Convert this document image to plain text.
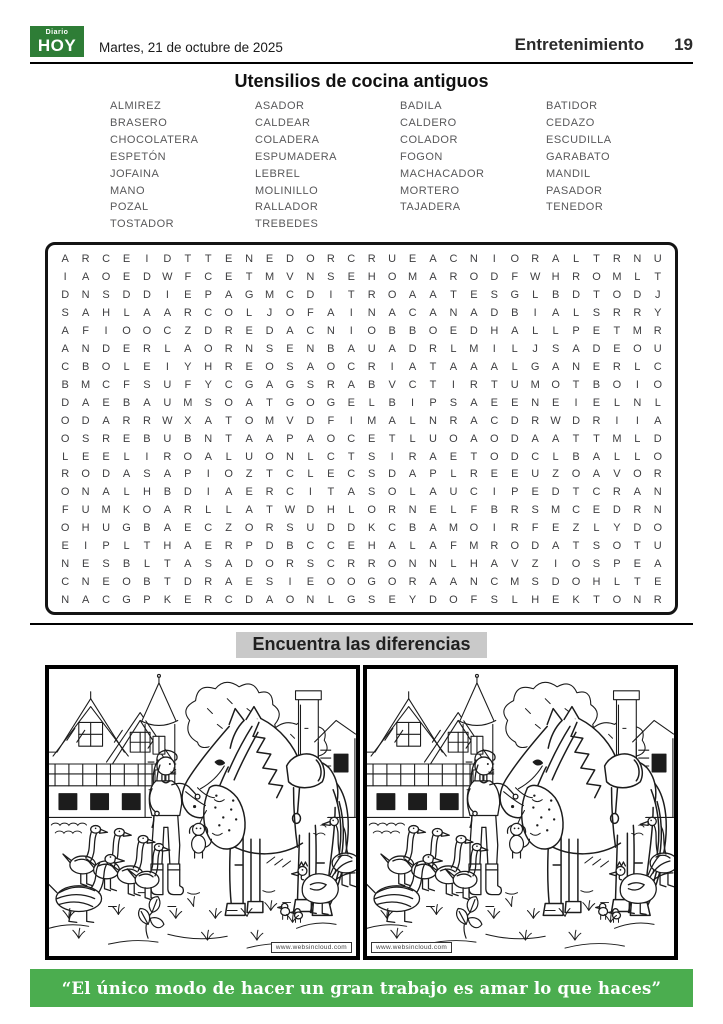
Diario
HOY	Martes, 21 de octubre de 2025	Entretenimiento 19
Utensilios de cocina antiguos
ALMIREZ
BRASERO
CHOCOLATERA
ESPETÓN
JOFAINA
MANO
POZAL
TOSTADOR
ASADOR
CALDEAR
COLADERA
ESPUMADERA
LEBREL
MOLINILLO
RALLADOR
TREBEDES
BADILA
CALDERO
COLADOR
FOGON
MACHACADOR
MORTERO
TAJADERA
BATIDOR
CEDAZO
ESCUDILLA
GARABATO
MANDIL
PASADOR
TENEDOR
A	R	C	E	I	D	T	T	E	N	E	D	O	R	C	R	U	E	A	C	N	I	O	R	A	L	T	R	N	U
I	A	O	E	D	W	F	C	E	T	M	V	N	S	E	H	O	M	A	R	O	D	F	W	H	R	O	M	L	T
D	N	S	D	D	I	E	P	A	G	M	C	D	I	T	R	O	A	A	T	E	S	G	L	B	D	T	O	D	J
S	A	H	L	A	A	R	C	O	L	J	O	F	A	I	N	A	C	A	N	A	D	B	I	A	L	S	R	R	Y
A	F	I	O	O	C	Z	D	R	E	D	A	C	N	I	O	B	B	O	E	D	H	A	L	L	P	E	T	M	R
A	N	D	E	R	L	A	O	R	N	S	E	N	B	A	U	A	D	R	L	M	I	L	J	S	A	D	E	O	U
C	B	O	L	E	I	Y	H	R	E	O	S	A	O	C	R	I	A	T	A	A	A	L	G	A	N	E	R	L	C
B	M	C	F	S	U	F	Y	C	G	A	G	S	R	A	B	V	C	T	I	R	T	U	M	O	T	B	O	I	O
D	A	E	B	A	U	M	S	O	A	T	G	O	G	E	L	B	I	P	S	A	E	E	N	E	I	E	L	N	L
O	D	A	R	R	W	X	A	T	O	M	V	D	F	I	M	A	L	N	R	A	C	D	R	W	D	R	I	I	A
O	S	R	E	B	U	B	N	T	A	A	P	A	O	C	E	T	L	U	O	A	O	D	A	A	T	T	M	L	D
L	E	E	L	I	R	O	A	L	U	O	N	L	C	T	S	I	R	A	E	T	O	D	C	L	B	A	L	L	O
R	O	D	A	S	A	P	I	O	Z	T	C	L	E	C	S	D	A	P	L	R	E	E	U	Z	O	A	V	O	R
O	N	A	L	H	B	D	I	A	E	R	C	I	T	A	S	O	L	A	U	C	I	P	E	D	T	C	R	A	N
F	U	M	K	O	A	R	L	L	A	T	W	D	H	L	O	R	N	E	L	F	B	R	S	M	C	E	D	R	N
O	H	U	G	B	A	E	C	Z	O	R	S	U	D	D	K	C	B	A	M	O	I	R	F	E	Z	L	Y	D	O
E	I	P	L	T	H	A	E	R	P	D	B	C	C	E	H	A	L	A	F	M	R	O	D	A	T	S	O	T	U
N	E	S	B	L	T	A	S	A	D	O	R	S	C	R	R	O	N	N	L	H	A	V	Z	I	O	S	P	E	A
C	N	E	O	B	T	D	R	A	E	S	I	E	O	O	G	O	R	A	A	N	C	M	S	D	O	H	L	T	E
N	A	C	G	P	K	E	R	C	D	A	O	N	L	G	S	E	Y	D	O	F	S	L	H	E	K	T	O	N	R
Encuentra las diferencias
www.websincloud.com	www.websincloud.com
“El único modo de hacer un gran trabajo es amar lo que haces”
